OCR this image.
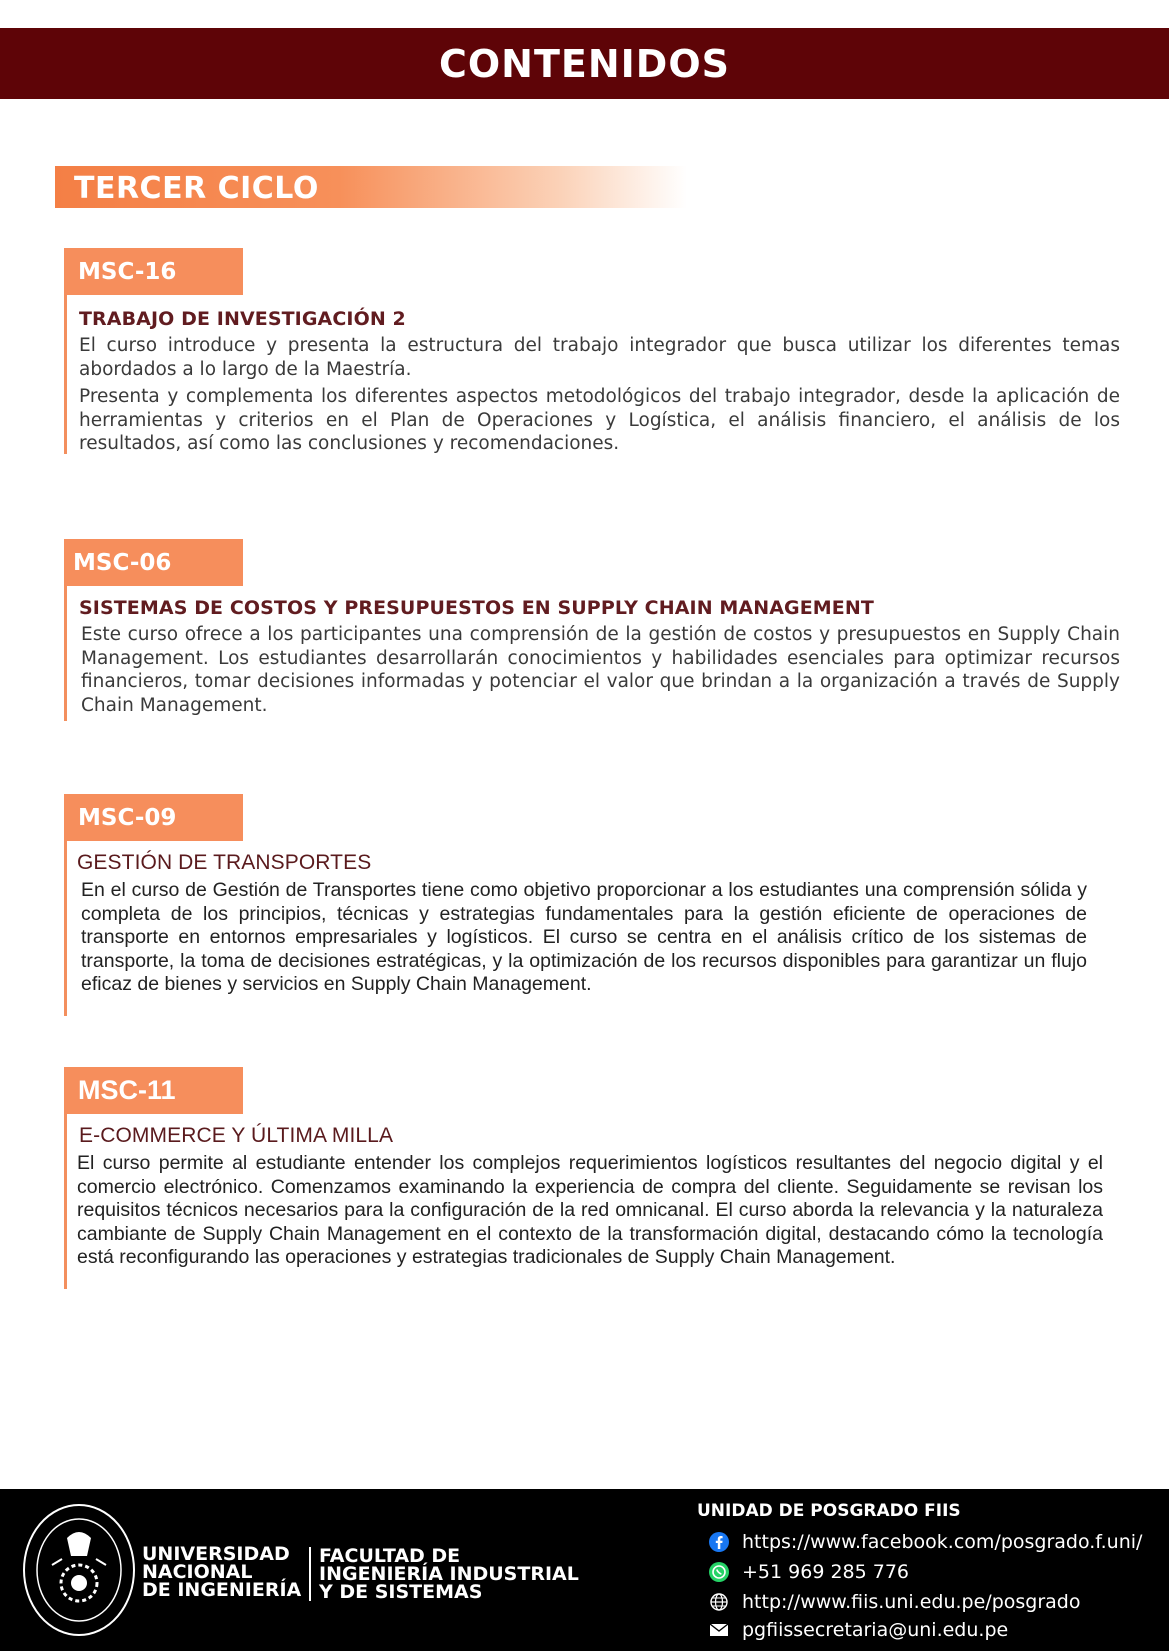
CONTENIDOS
TERCER CICLO
MSC-16
TRABAJO DE INVESTIGACIÓN 2

El curso introduce y presenta la estructura del trabajo integrador que busca utilizar los diferentes temas abordados a lo largo de la Maestría.

Presenta y complementa los diferentes aspectos metodológicos del trabajo integrador, desde la aplicación de herramientas y criterios en el Plan de Operaciones y Logística, el análisis financiero, el análisis de los resultados, así como las conclusiones y recomendaciones.

MSC-06
SISTEMAS DE COSTOS Y PRESUPUESTOS EN SUPPLY CHAIN MANAGEMENT

Este curso ofrece a los participantes una comprensión de la gestión de costos y presupuestos en Supply Chain Management. Los estudiantes desarrollarán conocimientos y habilidades esenciales para optimizar recursos financieros, tomar decisiones informadas y potenciar el valor que brindan a la organización a través de Supply Chain Management.

MSC-09
GESTIÓN DE TRANSPORTES

En el curso de Gestión de Transportes tiene como objetivo proporcionar a los estudiantes una comprensión sólida y completa de los principios, técnicas y estrategias fundamentales para la gestión eficiente de operaciones de transporte en entornos empresariales y logísticos. El curso se centra en el análisis crítico de los sistemas de transporte, la toma de decisiones estratégicas, y la optimización de los recursos disponibles para garantizar un flujo eficaz de bienes y servicios en Supply Chain Management.

MSC-11
E-COMMERCE Y ÚLTIMA MILLA

El curso permite al estudiante entender los complejos requerimientos logísticos resultantes del negocio digital y el comercio electrónico. Comenzamos examinando la experiencia de compra del cliente. Seguidamente se revisan los requisitos técnicos necesarios para la configuración de la red omnicanal. El curso aborda la relevancia y la naturaleza cambiante de Supply Chain Management en el contexto de la transformación digital, destacando cómo la tecnología está reconfigurando las operaciones y estrategias tradicionales de Supply Chain Management.

UNIVERSIDAD
NACIONAL
DE INGENIERÍA
FACULTAD DE
INGENIERÍA INDUSTRIAL
Y DE SISTEMAS
UNIDAD DE POSGRADO FIIS
https://www.facebook.com/posgrado.f.uni/
+51 969 285 776
http://www.fiis.uni.edu.pe/posgrado
pgfiissecretaria@uni.edu.pe
